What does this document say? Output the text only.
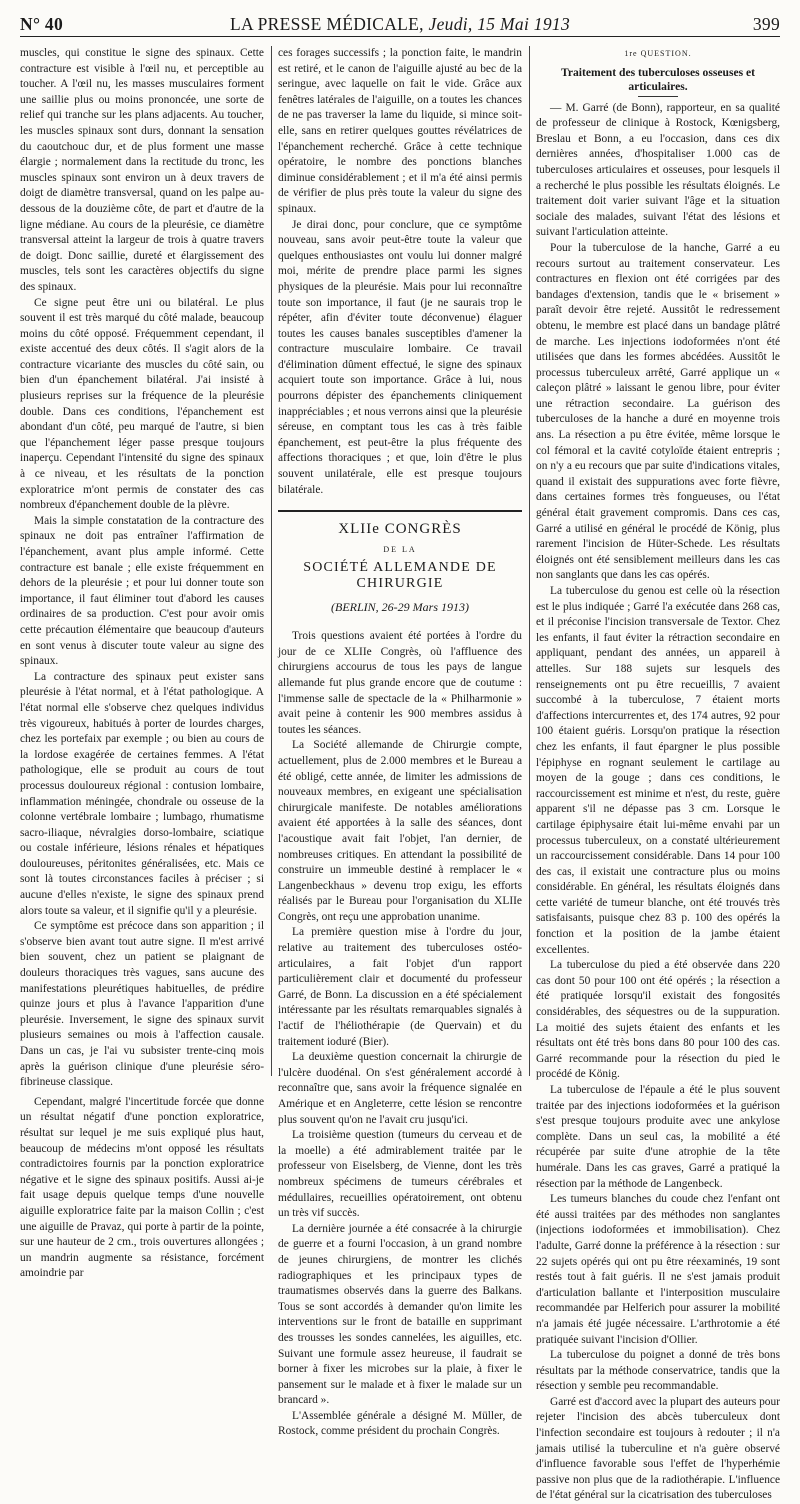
N° 40	LA PRESSE MÉDICALE, Jeudi, 15 Mai 1913	399

muscles, qui constitue le signe des spinaux. Cette contracture est visible à l'œil nu, et perceptible au toucher. A l'œil nu, les masses musculaires forment une saillie plus ou moins prononcée, une sorte de relief qui tranche sur les plans adjacents. Au toucher, les muscles spinaux sont durs, donnant la sensation du caoutchouc dur, et de plus forment une masse élargie ; normalement dans la rectitude du tronc, les muscles spinaux sont environ un à deux travers de doigt de diamètre transversal, quand on les palpe au-dessous de la douzième côte, de part et d'autre de la ligne médiane. Au cours de la pleurésie, ce diamètre transversal atteint la largeur de trois à quatre travers de doigt. Donc saillie, dureté et élargissement des muscles, tels sont les caractères objectifs du signe des spinaux.

Ce signe peut être uni ou bilatéral. Le plus souvent il est très marqué du côté malade, beaucoup moins du côté opposé. Fréquemment cependant, il existe accentué des deux côtés. Il s'agit alors de la contracture vicariante des muscles du côté sain, ou bien d'un épanchement bilatéral. J'ai insisté à plusieurs reprises sur la fréquence de la pleurésie double. Dans ces conditions, l'épanchement est abondant d'un côté, peu marqué de l'autre, si bien que l'épanchement léger passe presque toujours inaperçu. Cependant l'intensité du signe des spinaux à ce niveau, et les résultats de la ponction exploratrice m'ont permis de constater des cas nombreux d'épanchement double de la plèvre.

Mais la simple constatation de la contracture des spinaux ne doit pas entraîner l'affirmation de l'épanchement, avant plus ample informé. Cette contracture est banale ; elle existe fréquemment en dehors de la pleurésie ; et pour lui donner toute son importance, il faut éliminer tout d'abord les causes ordinaires de sa production. C'est pour avoir omis cette précaution élémentaire que beaucoup d'auteurs en sont venus à discuter toute valeur au signe des spinaux.

La contracture des spinaux peut exister sans pleurésie à l'état normal, et à l'état pathologique. A l'état normal elle s'observe chez quelques individus très vigoureux, habitués à porter de lourdes charges, chez les portefaix par exemple ; ou bien au cours de la lordose exagérée de certaines femmes. A l'état pathologique, elle se produit au cours de tout processus douloureux régional : contusion lombaire, inflammation méningée, chondrale ou osseuse de la colonne vertébrale lombaire ; lumbago, rhumatisme sacro-iliaque, névralgies dorso-lombaire, sciatique ou costale inférieure, lésions rénales et hépatiques douloureuses, péritonites généralisées, etc. Mais ce sont là toutes circonstances faciles à préciser ; si aucune d'elles n'existe, le signe des spinaux prend alors toute sa valeur, et il signifie qu'il y a pleurésie.

Ce symptôme est précoce dans son apparition ; il s'observe bien avant tout autre signe. Il m'est arrivé bien souvent, chez un patient se plaignant de douleurs thoraciques très vagues, sans aucune des manifestations pleurétiques habituelles, de prédire quinze jours et plus à l'avance l'apparition d'une pleurésie. Inversement, le signe des spinaux survit plusieurs semaines ou mois à l'affection causale. Dans un cas, je l'ai vu subsister trente-cinq mois après la guérison clinique d'une pleurésie séro-fibrineuse classique.

Cependant, malgré l'incertitude forcée que donne un résultat négatif d'une ponction exploratrice, résultat sur lequel je me suis expliqué plus haut, beaucoup de médecins m'ont opposé les résultats contradictoires fournis par la ponction exploratrice négative et le signe des spinaux positifs. Aussi ai-je fait usage depuis quelque temps d'une nouvelle aiguille exploratrice faite par la maison Collin ; c'est une aiguille de Pravaz, qui porte à partir de la pointe, sur une hauteur de 2 cm., trois ouvertures allongées ; un mandrin augmente sa résistance, forcément amoindrie par

ces forages successifs ; la ponction faite, le mandrin est retiré, et le canon de l'aiguille ajusté au bec de la seringue, avec laquelle on fait le vide. Grâce aux fenêtres latérales de l'aiguille, on a toutes les chances de ne pas traverser la lame du liquide, si mince soit-elle, sans en retirer quelques gouttes révélatrices de l'épanchement recherché. Grâce à cette technique opératoire, le nombre des ponctions blanches diminue considérablement ; et il m'a été ainsi permis de vérifier de plus près toute la valeur du signe des spinaux.

Je dirai donc, pour conclure, que ce symptôme nouveau, sans avoir peut-être toute la valeur que quelques enthousiastes ont voulu lui donner malgré moi, mérite de prendre place parmi les signes physiques de la pleurésie. Mais pour lui reconnaître toute son importance, il faut (je ne saurais trop le répéter, afin d'éviter toute déconvenue) élaguer toutes les causes banales susceptibles d'amener la contracture musculaire lombaire. Ce travail d'élimination dûment effectué, le signe des spinaux acquiert toute son importance. Grâce à lui, nous pourrons dépister des épanchements cliniquement inappréciables ; et nous verrons ainsi que la pleurésie séreuse, en comptant tous les cas à très faible épanchement, est peut-être la plus fréquente des affections thoraciques ; et que, loin d'être le plus souvent unilatérale, elle est presque toujours bilatérale.

XLIIe CONGRÈS
DE LA
SOCIÉTÉ ALLEMANDE DE CHIRURGIE
(BERLIN, 26-29 Mars 1913)

Trois questions avaient été portées à l'ordre du jour de ce XLIIe Congrès, où l'affluence des chirurgiens accourus de tous les pays de langue allemande fut plus grande encore que de coutume : l'immense salle de spectacle de la « Philharmonie » avait peine à contenir les 900 membres assidus à toutes les séances.

La Société allemande de Chirurgie compte, actuellement, plus de 2.000 membres et le Bureau a été obligé, cette année, de limiter les admissions de nouveaux membres, en exigeant une spécialisation chirurgicale manifeste. De notables améliorations avaient été apportées à la salle des séances, dont l'acoustique avait fait l'objet, l'an dernier, de nombreuses critiques. En attendant la possibilité de construire un immeuble destiné à remplacer le « Langenbeckhaus » devenu trop exigu, les efforts réalisés par le Bureau pour l'organisation du XLIIe Congrès, ont reçu une approbation unanime.

La première question mise à l'ordre du jour, relative au traitement des tuberculoses ostéo-articulaires, a fait l'objet d'un rapport particulièrement clair et documenté du professeur Garré, de Bonn. La discussion en a été spécialement intéressante par les résultats remarquables signalés à l'actif de l'héliothérapie (de Quervain) et du traitement ioduré (Bier).

La deuxième question concernait la chirurgie de l'ulcère duodénal. On s'est généralement accordé à reconnaître que, sans avoir la fréquence signalée en Amérique et en Angleterre, cette lésion se rencontre plus souvent qu'on ne l'avait cru jusqu'ici.

La troisième question (tumeurs du cerveau et de la moelle) a été admirablement traitée par le professeur von Eiselsberg, de Vienne, dont les très nombreux spécimens de tumeurs cérébrales et médullaires, recueillies opératoirement, ont obtenu un très vif succès.

La dernière journée a été consacrée à la chirurgie de guerre et a fourni l'occasion, à un grand nombre de jeunes chirurgiens, de montrer les clichés radiographiques et les principaux types de traumatismes observés dans la guerre des Balkans. Tous se sont accordés à demander qu'on limite les interventions sur le front de bataille en supprimant des trousses les sondes cannelées, les aiguilles, etc. Suivant une formule assez heureuse, il faudrait se borner à fixer les microbes sur la plaie, à fixer le pansement sur le malade et à fixer le malade sur un brancard ».

L'Assemblée générale a désigné M. Müller, de Rostock, comme président du prochain Congrès.

1re QUESTION.
Traitement des tuberculoses osseuses et articulaires.

— M. Garré (de Bonn), rapporteur, en sa qualité de professeur de clinique à Rostock, Kœnigsberg, Breslau et Bonn, a eu l'occasion, dans ces dix dernières années, d'hospitaliser 1.000 cas de tuberculoses articulaires et osseuses, pour lesquels il a recherché le plus possible les résultats éloignés. Le traitement doit varier suivant l'âge et la situation sociale des malades, suivant l'état des lésions et suivant l'articulation atteinte.

Pour la tuberculose de la hanche, Garré a eu recours surtout au traitement conservateur. Les contractures en flexion ont été corrigées par des bandages d'extension, tandis que le « brisement » paraît devoir être rejeté. Aussitôt le redressement obtenu, le membre est placé dans un bandage plâtré de marche. Les injections iodoformées n'ont été utilisées que dans les formes abcédées. Aussitôt le processus tuberculeux arrêté, Garré applique un « caleçon plâtré » laissant le genou libre, pour éviter une rétraction secondaire. La guérison des tuberculoses de la hanche a duré en moyenne trois ans. La résection a pu être évitée, même lorsque le col fémoral et la cavité cotyloïde étaient entrepris ; on n'y a eu recours que par suite d'indications vitales, quand il existait des suppurations avec forte fièvre, dans certaines formes très fongueuses, ou l'état général était gravement compromis. Dans ces cas, Garré a utilisé en général le procédé de König, plus rarement l'incision de Hüter-Schede. Les résultats éloignés ont été sensiblement meilleurs dans les cas non sanglants que dans les cas opérés.

La tuberculose du genou est celle où la résection est le plus indiquée ; Garré l'a exécutée dans 268 cas, et il préconise l'incision transversale de Textor. Chez les enfants, il faut éviter la rétraction secondaire en appliquant, pendant des années, un appareil à attelles. Sur 188 sujets sur lesquels des renseignements ont pu être recueillis, 7 avaient succombé à la tuberculose, 7 étaient morts d'affections intercurrentes et, des 174 autres, 92 pour 100 étaient guéris. Lorsqu'on pratique la résection chez les enfants, il faut épargner le plus possible l'épiphyse en rognant seulement le cartilage au moyen de la gouge ; dans ces conditions, le raccourcissement est minime et n'est, du reste, guère apparent s'il ne dépasse pas 3 cm. Lorsque le cartilage épiphysaire était lui-même envahi par un processus tuberculeux, on a constaté ultérieurement un raccourcissement considérable. Dans 14 pour 100 des cas, il existait une contracture plus ou moins considérable. En général, les résultats éloignés dans cette variété de tumeur blanche, ont été trouvés très satisfaisants, puisque chez 83 p. 100 des opérés la fonction et la position de la jambe étaient excellentes.

La tuberculose du pied a été observée dans 220 cas dont 50 pour 100 ont été opérés ; la résection a été pratiquée lorsqu'il existait des fongosités considérables, des séquestres ou de la suppuration. La moitié des sujets étaient des enfants et les résultats ont été très bons dans 80 pour 100 des cas. Garré recommande pour la résection du pied le procédé de König.

La tuberculose de l'épaule a été le plus souvent traitée par des injections iodoformées et la guérison s'est presque toujours produite avec une ankylose complète. Dans un seul cas, la mobilité a été récupérée par suite d'une atrophie de la tête humérale. Dans les cas graves, Garré a pratiqué la résection par la méthode de Langenbeck.

Les tumeurs blanches du coude chez l'enfant ont été aussi traitées par des méthodes non sanglantes (injections iodoformées et immobilisation). Chez l'adulte, Garré donne la préférence à la résection : sur 22 sujets opérés qui ont pu être réexaminés, 19 sont restés tout à fait guéris. Il ne s'est jamais produit d'articulation ballante et l'interposition musculaire recommandée par Helferich pour assurer la mobilité n'a jamais été jugée nécessaire. L'arthrotomie a été pratiquée suivant l'incision d'Ollier.

La tuberculose du poignet a donné de très bons résultats par la méthode conservatrice, tandis que la résection y semble peu recommandable.

Garré est d'accord avec la plupart des auteurs pour rejeter l'incision des abcès tuberculeux dont l'infection secondaire est toujours à redouter ; il n'a jamais utilisé la tuberculine et n'a guère observé d'influence favorable sous l'effet de l'hyperhémie passive non plus que de la radiothérapie. L'influence de l'état général sur la cicatrisation des tuberculoses
